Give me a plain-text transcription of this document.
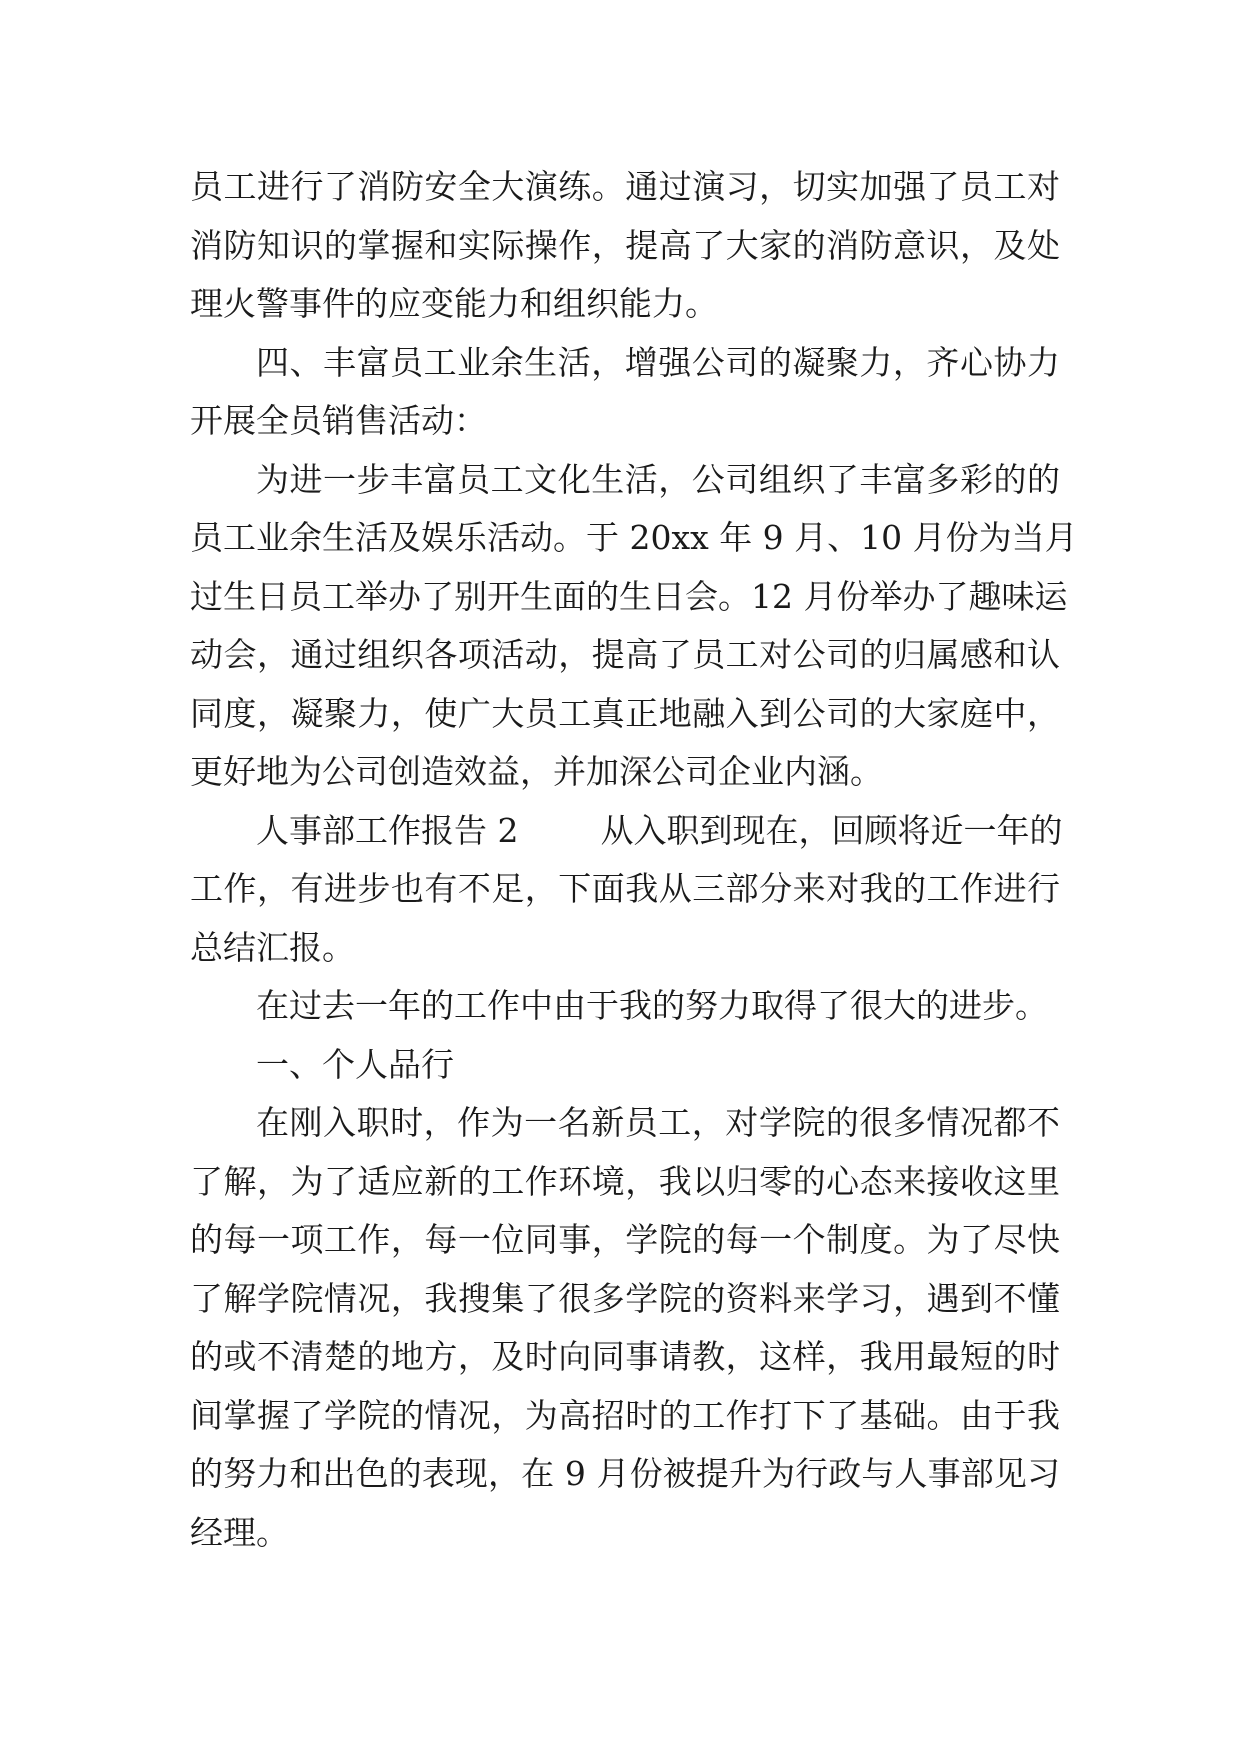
员工进行了消防安全大演练。通过演习，切实加强了员工对
消防知识的掌握和实际操作，提高了大家的消防意识，及处
理火警事件的应变能力和组织能力。
四、丰富员工业余生活，增强公司的凝聚力，齐心协力
开展全员销售活动：
为进一步丰富员工文化生活，公司组织了丰富多彩的的
员工业余生活及娱乐活动。于 20xx 年 9 月、10 月份为当月
过生日员工举办了别开生面的生日会。12 月份举办了趣味运
动会，通过组织各项活动，提高了员工对公司的归属感和认
同度，凝聚力，使广大员工真正地融入到公司的大家庭中，
更好地为公司创造效益，并加深公司企业内涵。
人事部工作报告 2 从入职到现在，回顾将近一年的
工作，有进步也有不足，下面我从三部分来对我的工作进行
总结汇报。
在过去一年的工作中由于我的努力取得了很大的进步。
一、个人品行
在刚入职时，作为一名新员工，对学院的很多情况都不
了解，为了适应新的工作环境，我以归零的心态来接收这里
的每一项工作，每一位同事，学院的每一个制度。为了尽快
了解学院情况，我搜集了很多学院的资料来学习，遇到不懂
的或不清楚的地方，及时向同事请教，这样，我用最短的时
间掌握了学院的情况，为高招时的工作打下了基础。由于我
的努力和出色的表现，在 9 月份被提升为行政与人事部见习
经理。
